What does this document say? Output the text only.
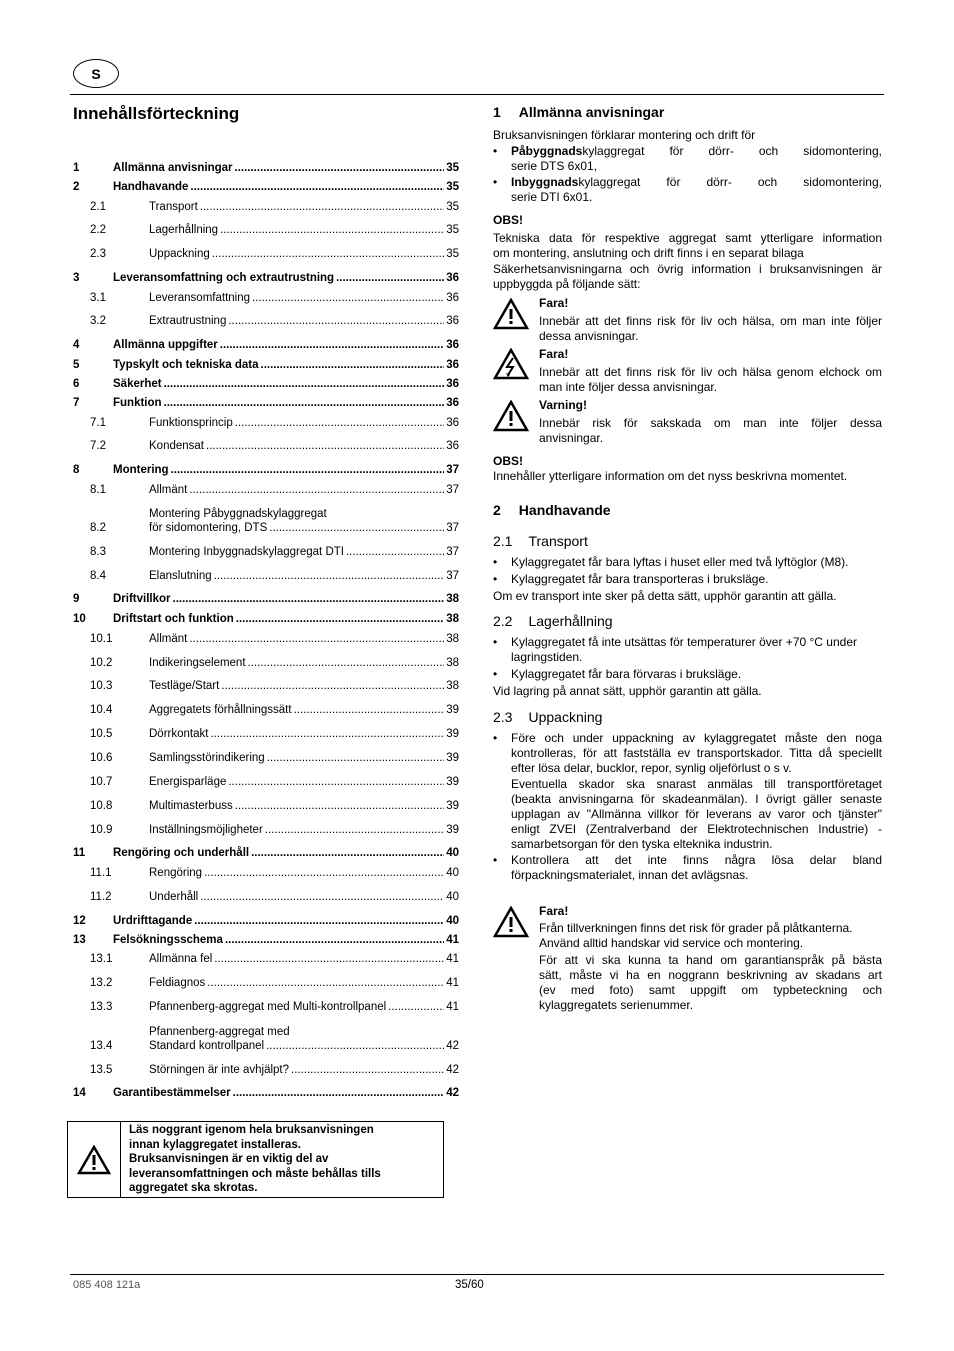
S
Innehållsförteckning
1	Allmänna anvisningar .....	35
2	Handhavande .....	35
2.1	Transport .....	35
2.2	Lagerhållning .....	35
2.3	Uppackning .....	35
3	Leveransomfattning och extrautrustning .....	36
3.1	Leveransomfattning .....	36
3.2	Extrautrustning .....	36
4	Allmänna uppgifter .....	36
5	Typskylt och tekniska data .....	36
6	Säkerhet .....	36
7	Funktion .....	36
7.1	Funktionsprincip .....	36
7.2	Kondensat .....	36
8	Montering .....	37
8.1	Allmänt .....	37
8.2
Montering Påbyggnadskylaggregat
för sidomontering, DTS .....	37
8.3	Montering Inbyggnadskylaggregat DTI .....	37
8.4	Elanslutning .....	37
9	Driftvillkor .....	38
10 Driftstart och funktion .....	38
10.1	Allmänt .....	38
10.2	Indikeringselement .....	38
10.3	Testläge/Start .....	38
10.4	Aggregatets förhållningssätt .....	39
10.5	Dörrkontakt .....	39
10.6	Samlingsstörindikering .....	39
10.7	Energisparläge .....	39
10.8	Multimasterbuss .....	39
10.9	Inställningsmöjligheter .....	39
11 Rengöring och underhåll .....	40
11.1	Rengöring .....	40
11.2	Underhåll .....	40
12 Urdrifttagande .....	40
13 Felsökningsschema .....	41
13.1	Allmänna fel .....	41
13.2	Feldiagnos .....	41
13.3	Pfannenberg-aggregat med Multi-kontrollpanel .....	41
13.4
Pfannenberg-aggregat med
Standard kontrollpanel .....	42
13.5	Störningen är inte avhjälpt? .....	42
14 Garantibestämmelser .....	42
Läs noggrant igenom hela bruksanvisningen
innan kylaggregatet installeras.
Bruksanvisningen är en viktig del av
leveransomfattningen och måste behållas tills
aggregatet ska skrotas.
1 Allmänna anvisningar
Bruksanvisningen förklarar montering och drift för
• Påbyggnadskylaggregat för dörr- och sidomontering,
serie DTS 6x01,
• Inbyggnadskylaggregat för dörr- och sidomontering,
serie DTI 6x01.
OBS!
Tekniska data för respektive aggregat samt ytterligare information
om montering, anslutning och drift finns i en separat bilaga
Säkerhetsanvisningarna och övrig information i bruksanvisningen är
uppbyggda på följande sätt:
Fara!
Innebär att det finns risk för liv och hälsa, om man inte följer
dessa anvisningar.
Fara!
Innebär att det finns risk för liv och hälsa genom elchock om
man inte följer dessa anvisningar.
Varning!
Innebär risk för sakskada om man inte följer dessa
anvisningar.
OBS!
Innehåller ytterligare information om det nyss beskrivna momentet.
2 Handhavande
2.1 Transport
• Kylaggregatet får bara lyftas i huset eller med två lyftöglor (M8).
• Kylaggregatet får bara transporteras i bruksläge.
Om ev transport inte sker på detta sätt, upphör garantin att gälla.
2.2 Lagerhållning
• Kylaggregatet få inte utsättas för temperaturer över +70 °C under
lagringstiden.
• Kylaggregatet får bara förvaras i bruksläge.
Vid lagring på annat sätt, upphör garantin att gälla.
2.3 Uppackning
• Före och under uppackning av kylaggregatet måste den noga
kontrolleras, för att fastställa ev transportskador. Titta då speciellt
efter lösa delar, bucklor, repor, synlig oljeförlust o s v.
Eventuella skador ska snarast anmälas till transportföretaget
(beakta anvisningarna för skadeanmälan). I övrigt gäller senaste
upplagan av "Allmänna villkor för leverans av varor och tjänster"
enligt ZVEI (Zentralverband der Elektrotechnischen Industrie) -
samarbetsorgan för den tyska elteknika industrin.
• Kontrollera att det inte finns några lösa delar bland
förpackningsmaterialet, innan det avlägsnas.
Fara!
Från tillverkningen finns det risk för grader på plåtkanterna.
Använd alltid handskar vid service och montering.
För att vi ska kunna ta hand om garantianspråk på bästa
sätt, måste vi ha en noggrann beskrivning av skadans art
(ev med foto) samt uppgift om typbeteckning och
kylaggregatets serienummer.
085 408 121a	35/60
